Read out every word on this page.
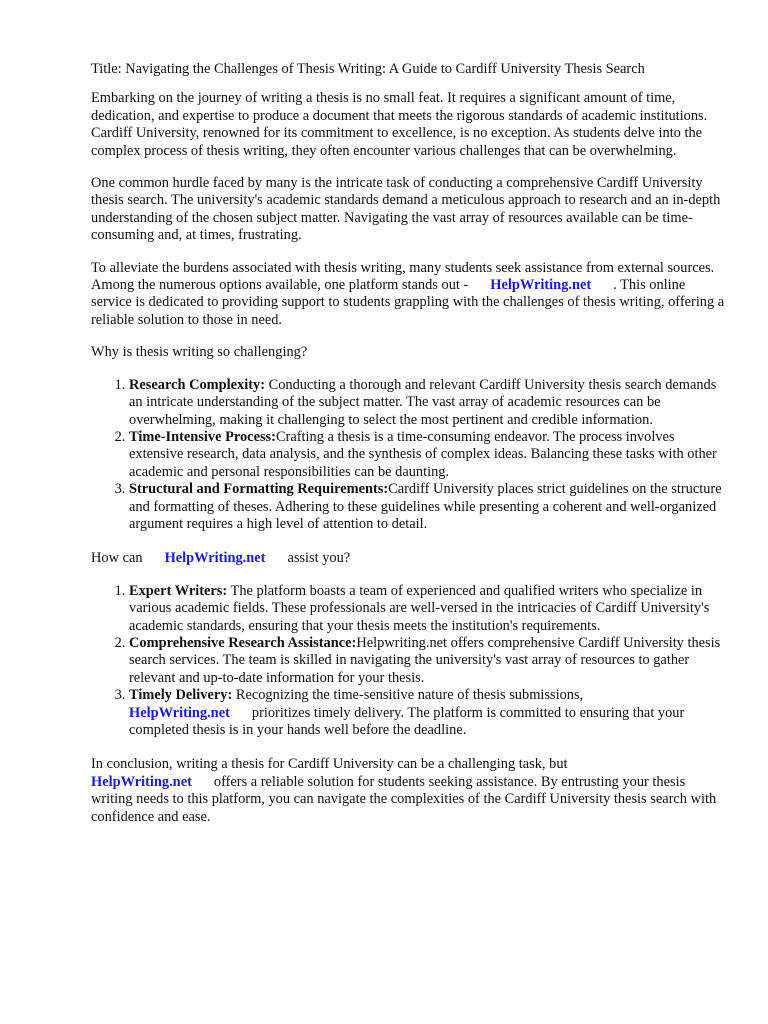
Title: Navigating the Challenges of Thesis Writing: A Guide to Cardiff University Thesis Search

Embarking on the journey of writing a thesis is no small feat. It requires a significant amount of time, dedication, and expertise to produce a document that meets the rigorous standards of academic institutions. Cardiff University, renowned for its commitment to excellence, is no exception. As students delve into the complex process of thesis writing, they often encounter various challenges that can be overwhelming.

One common hurdle faced by many is the intricate task of conducting a comprehensive Cardiff University thesis search. The university's academic standards demand a meticulous approach to research and an in-depth understanding of the chosen subject matter. Navigating the vast array of resources available can be time-consuming and, at times, frustrating.

To alleviate the burdens associated with thesis writing, many students seek assistance from external sources. Among the numerous options available, one platform stands out - HelpWriting.net . This online service is dedicated to providing support to students grappling with the challenges of thesis writing, offering a reliable solution to those in need.

Why is thesis writing so challenging?

1. Research Complexity: Conducting a thorough and relevant Cardiff University thesis search demands an intricate understanding of the subject matter. The vast array of academic resources can be overwhelming, making it challenging to select the most pertinent and credible information.
2. Time-Intensive Process:Crafting a thesis is a time-consuming endeavor. The process involves extensive research, data analysis, and the synthesis of complex ideas. Balancing these tasks with other academic and personal responsibilities can be daunting.
3. Structural and Formatting Requirements:Cardiff University places strict guidelines on the structure and formatting of theses. Adhering to these guidelines while presenting a coherent and well-organized argument requires a high level of attention to detail.

How can HelpWriting.net assist you?

1. Expert Writers: The platform boasts a team of experienced and qualified writers who specialize in various academic fields. These professionals are well-versed in the intricacies of Cardiff University's academic standards, ensuring that your thesis meets the institution's requirements.
2. Comprehensive Research Assistance:Helpwriting.net offers comprehensive Cardiff University thesis search services. The team is skilled in navigating the university's vast array of resources to gather relevant and up-to-date information for your thesis.
3. Timely Delivery: Recognizing the time-sensitive nature of thesis submissions,
HelpWriting.net prioritizes timely delivery. The platform is committed to ensuring that your completed thesis is in your hands well before the deadline.

In conclusion, writing a thesis for Cardiff University can be a challenging task, but
HelpWriting.net offers a reliable solution for students seeking assistance. By entrusting your thesis writing needs to this platform, you can navigate the complexities of the Cardiff University thesis search with confidence and ease.
